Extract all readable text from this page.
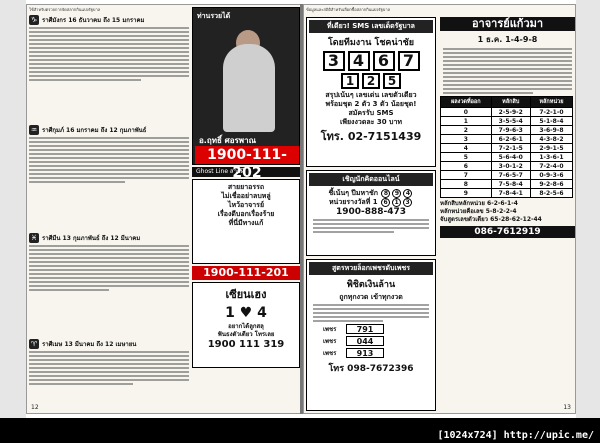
ใช้สำหรับตรวจการจัดสลากกินแบ่งรัฐบาล
♑ ราศีมังกร 16 ธันวาคม ถึง 15 มกราคม
♒ ราศีกุมภ์ 16 มกราคม ถึง 12 กุมภาพันธ์
♓ ราศีมีน 13 กุมภาพันธ์ ถึง 12 มีนาคม
♈ ราศีเมษ 13 มีนาคม ถึง 12 เมษายน
ท่านรวยได้
อ.ฤทธิ์ ศอรพาณ
1900-111-202
Ghost Line สายผี
สายยาอรรถ
ไม่เชื่ออย่าลบหลู่
ไหว้อาจารย์
เรื่องดีบอกเรื่องร้าย
ที่นี่มีทางแก้
1900-111-201
เซียนเฮง
1 ♥ 4
อยากได้ลูกสลุ
ฟันธงตัวเดียว โทรเลย
1900 111 319
12
ข้อมูลและสถิติสำหรับเลือกซื้อสลากกินแบ่งรัฐบาล
ที่เดียว! SMS เลขเด็ดรัฐบาล
โดยทีมงาน โชคน่าชัย
3 4 6 7
1	2	5
สรุปเน้นๆ เลขเด่น เลขตัวเดียว
พร้อมชุด 2 ตัว 3 ตัว น้อยชุด!
สมัครรับ SMS
เพียงงวดละ 30 บาท
โทร. 02-7151439
เชิญนักคิดออนไลน์
ชี้เน้นๆ ปีมหาชัก 8 9 4
หน่วยรางวัลที่ 1 6 1 3
1900-888-473
สูตรหวยล็อกเพชรดับเพชร
พิชิตเงินล้าน
ถูกทุกงวด เข้าทุกงวด
เพชร	791
เพชร	044
เพชร	913
โทร 098-7672396
อาจารย์แก้วมา
1 ธ.ค. 1-4-9-8
ผลงวดที่ออก	หลักสิบ	หลักหน่วย
0	2-5-9-2	7-2-1-0
1	3-5-5-4	5-1-8-4
2	7-9-6-3	3-6-9-8
3	6-2-6-1	4-3-8-2
4	7-2-1-5	2-9-1-5
5	5-6-4-0	1-3-6-1
6	3-0-1-2	7-2-4-0
7	7-6-5-7	0-9-3-6
8	7-5-8-4	9-2-8-6
9	7-8-4-1	8-2-5-6
หลักสิบหลักหน่วย 6-2-6-1-4
หลักหน่วยคือเลข 5-8-2-2-4
จับสูตรเลขตัวเดียว 65-28-62-12-44
086-7612919
13
[1024x724] http://upic.me/
